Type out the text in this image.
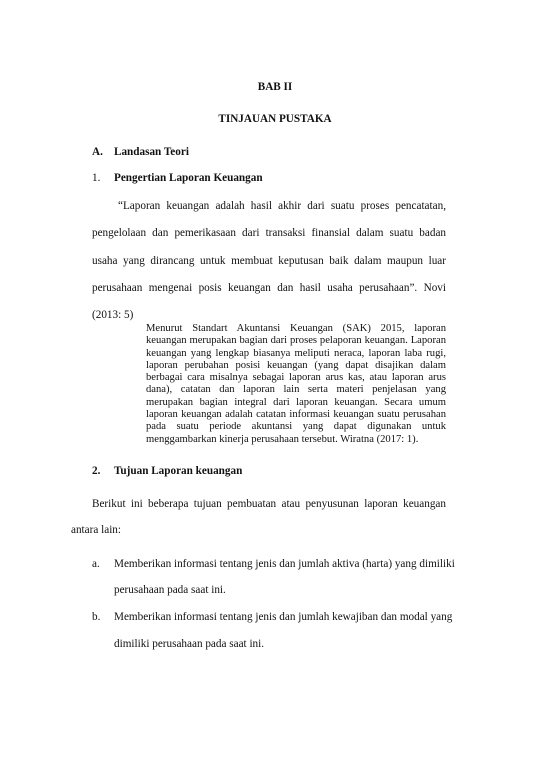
BAB II
TINJAUAN PUSTAKA
A. Landasan Teori
1. Pengertian Laporan Keuangan
“Laporan keuangan adalah hasil akhir dari suatu proses pencatatan,
pengelolaan dan pemerikasaan dari transaksi finansial dalam suatu badan
usaha yang dirancang untuk membuat keputusan baik dalam maupun luar
perusahaan mengenai posis keuangan dan hasil usaha perusahaan”. Novi
(2013: 5)
Menurut Standart Akuntansi Keuangan (SAK) 2015, laporan keuangan merupakan bagian dari proses pelaporan keuangan. Laporan keuangan yang lengkap biasanya meliputi neraca, laporan laba rugi, laporan perubahan posisi keuangan (yang dapat disajikan dalam berbagai cara misalnya sebagai laporan arus kas, atau laporan arus dana), catatan dan laporan lain serta materi penjelasan yang merupakan bagian integral dari laporan keuangan. Secara umum laporan keuangan adalah catatan informasi keuangan suatu perusahan pada suatu periode akuntansi yang dapat digunakan untuk menggambarkan kinerja perusahaan tersebut. Wiratna (2017: 1).
2. Tujuan Laporan keuangan
Berikut ini beberapa tujuan pembuatan atau penyusunan laporan keuangan
antara lain:
a. Memberikan informasi tentang jenis dan jumlah aktiva (harta) yang dimiliki
perusahaan pada saat ini.
b. Memberikan informasi tentang jenis dan jumlah kewajiban dan modal yang
dimiliki perusahaan pada saat ini.
